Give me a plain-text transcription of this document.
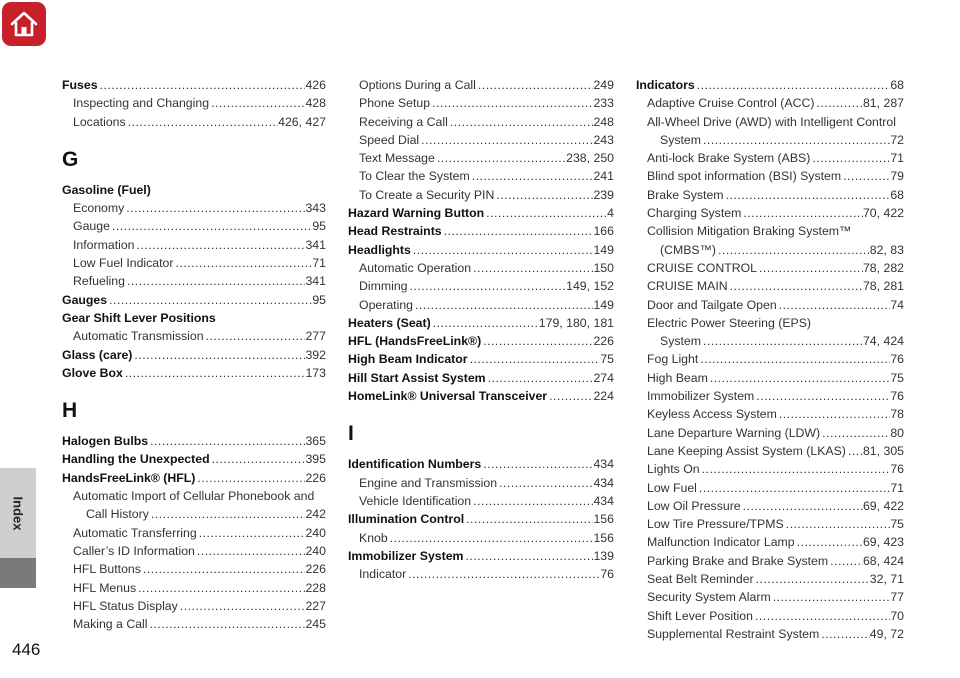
Index
446
Fuses .....	426
Inspecting and Changing .....	428
Locations .....	426, 427
G
Gasoline (Fuel)
Economy .....	343
Gauge .....	95
Information .....	341
Low Fuel Indicator .....	71
Refueling .....	341
Gauges .....	95
Gear Shift Lever Positions
Automatic Transmission .....	277
Glass (care) .....	392
Glove Box .....	173
H
Halogen Bulbs .....	365
Handling the Unexpected .....	395
HandsFreeLink® (HFL) .....	226
Automatic Import of Cellular Phonebook and
Call History .....	242
Automatic Transferring .....	240
Caller’s ID Information .....	240
HFL Buttons .....	226
HFL Menus .....	228
HFL Status Display .....	227
Making a Call .....	245
Options During a Call .....	249
Phone Setup .....	233
Receiving a Call .....	248
Speed Dial .....	243
Text Message .....	238, 250
To Clear the System .....	241
To Create a Security PIN .....	239
Hazard Warning Button .....	4
Head Restraints .....	166
Headlights .....	149
Automatic Operation .....	150
Dimming .....	149, 152
Operating .....	149
Heaters (Seat) .....	179, 180, 181
HFL (HandsFreeLink®) .....	226
High Beam Indicator .....	75
Hill Start Assist System .....	274
HomeLink® Universal Transceiver .....	224
I
Identification Numbers .....	434
Engine and Transmission .....	434
Vehicle Identification .....	434
Illumination Control .....	156
Knob .....	156
Immobilizer System .....	139
Indicator .....	76
Indicators .....	68
Adaptive Cruise Control (ACC) .....	81, 287
All-Wheel Drive (AWD) with Intelligent Control
System .....	72
Anti-lock Brake System (ABS) .....	71
Blind spot information (BSI) System .....	79
Brake System .....	68
Charging System .....	70, 422
Collision Mitigation Braking System™
(CMBS™) .....	82, 83
CRUISE CONTROL .....	78, 282
CRUISE MAIN .....	78, 281
Door and Tailgate Open .....	74
Electric Power Steering (EPS)
System .....	74, 424
Fog Light .....	76
High Beam .....	75
Immobilizer System .....	76
Keyless Access System .....	78
Lane Departure Warning (LDW) .....	80
Lane Keeping Assist System (LKAS) ..... 81, 305
Lights On .....	76
Low Fuel .....	71
Low Oil Pressure .....	69, 422
Low Tire Pressure/TPMS .....	75
Malfunction Indicator Lamp .....	69, 423
Parking Brake and Brake System .....	68, 424
Seat Belt Reminder .....	32, 71
Security System Alarm .....	77
Shift Lever Position .....	70
Supplemental Restraint System .....	49, 72
